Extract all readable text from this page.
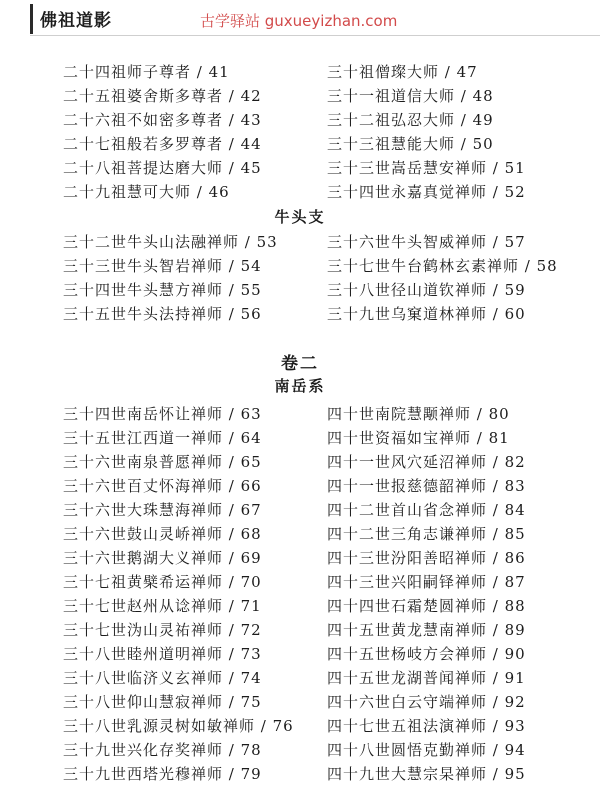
佛祖道影	古学驿站 guxueyizhan.com
二十四祖师子尊者 / 41
二十五祖婆舍斯多尊者 / 42
二十六祖不如密多尊者 / 43
二十七祖般若多罗尊者 / 44
二十八祖菩提达磨大师 / 45
二十九祖慧可大师 / 46
三十祖僧璨大师 / 47
三十一祖道信大师 / 48
三十二祖弘忍大师 / 49
三十三祖慧能大师 / 50
三十三世嵩岳慧安禅师 / 51
三十四世永嘉真觉禅师 / 52
牛头支
三十二世牛头山法融禅师 / 53
三十三世牛头智岩禅师 / 54
三十四世牛头慧方禅师 / 55
三十五世牛头法持禅师 / 56
三十六世牛头智威禅师 / 57
三十七世牛台鹤林玄素禅师 / 58
三十八世径山道钦禅师 / 59
三十九世乌窠道林禅师 / 60
卷二
南岳系
三十四世南岳怀让禅师 / 63
三十五世江西道一禅师 / 64
三十六世南泉普愿禅师 / 65
三十六世百丈怀海禅师 / 66
三十六世大珠慧海禅师 / 67
三十六世鼓山灵峤禅师 / 68
三十六世鹅湖大义禅师 / 69
三十七祖黄檗希运禅师 / 70
三十七世赵州从谂禅师 / 71
三十七世沩山灵祐禅师 / 72
三十八世睦州道明禅师 / 73
三十八世临济义玄禅师 / 74
三十八世仰山慧寂禅师 / 75
三十八世乳源灵树如敏禅师 / 76
三十九世兴化存奖禅师 / 78
三十九世西塔光穆禅师 / 79
四十世南院慧颙禅师 / 80
四十世资福如宝禅师 / 81
四十一世风穴延沼禅师 / 82
四十一世报慈德韶禅师 / 83
四十二世首山省念禅师 / 84
四十二世三角志谦禅师 / 85
四十三世汾阳善昭禅师 / 86
四十三世兴阳嗣铎禅师 / 87
四十四世石霜楚圆禅师 / 88
四十五世黄龙慧南禅师 / 89
四十五世杨岐方会禅师 / 90
四十五世龙湖普闻禅师 / 91
四十六世白云守端禅师 / 92
四十七世五祖法演禅师 / 93
四十八世圆悟克勤禅师 / 94
四十九世大慧宗杲禅师 / 95
